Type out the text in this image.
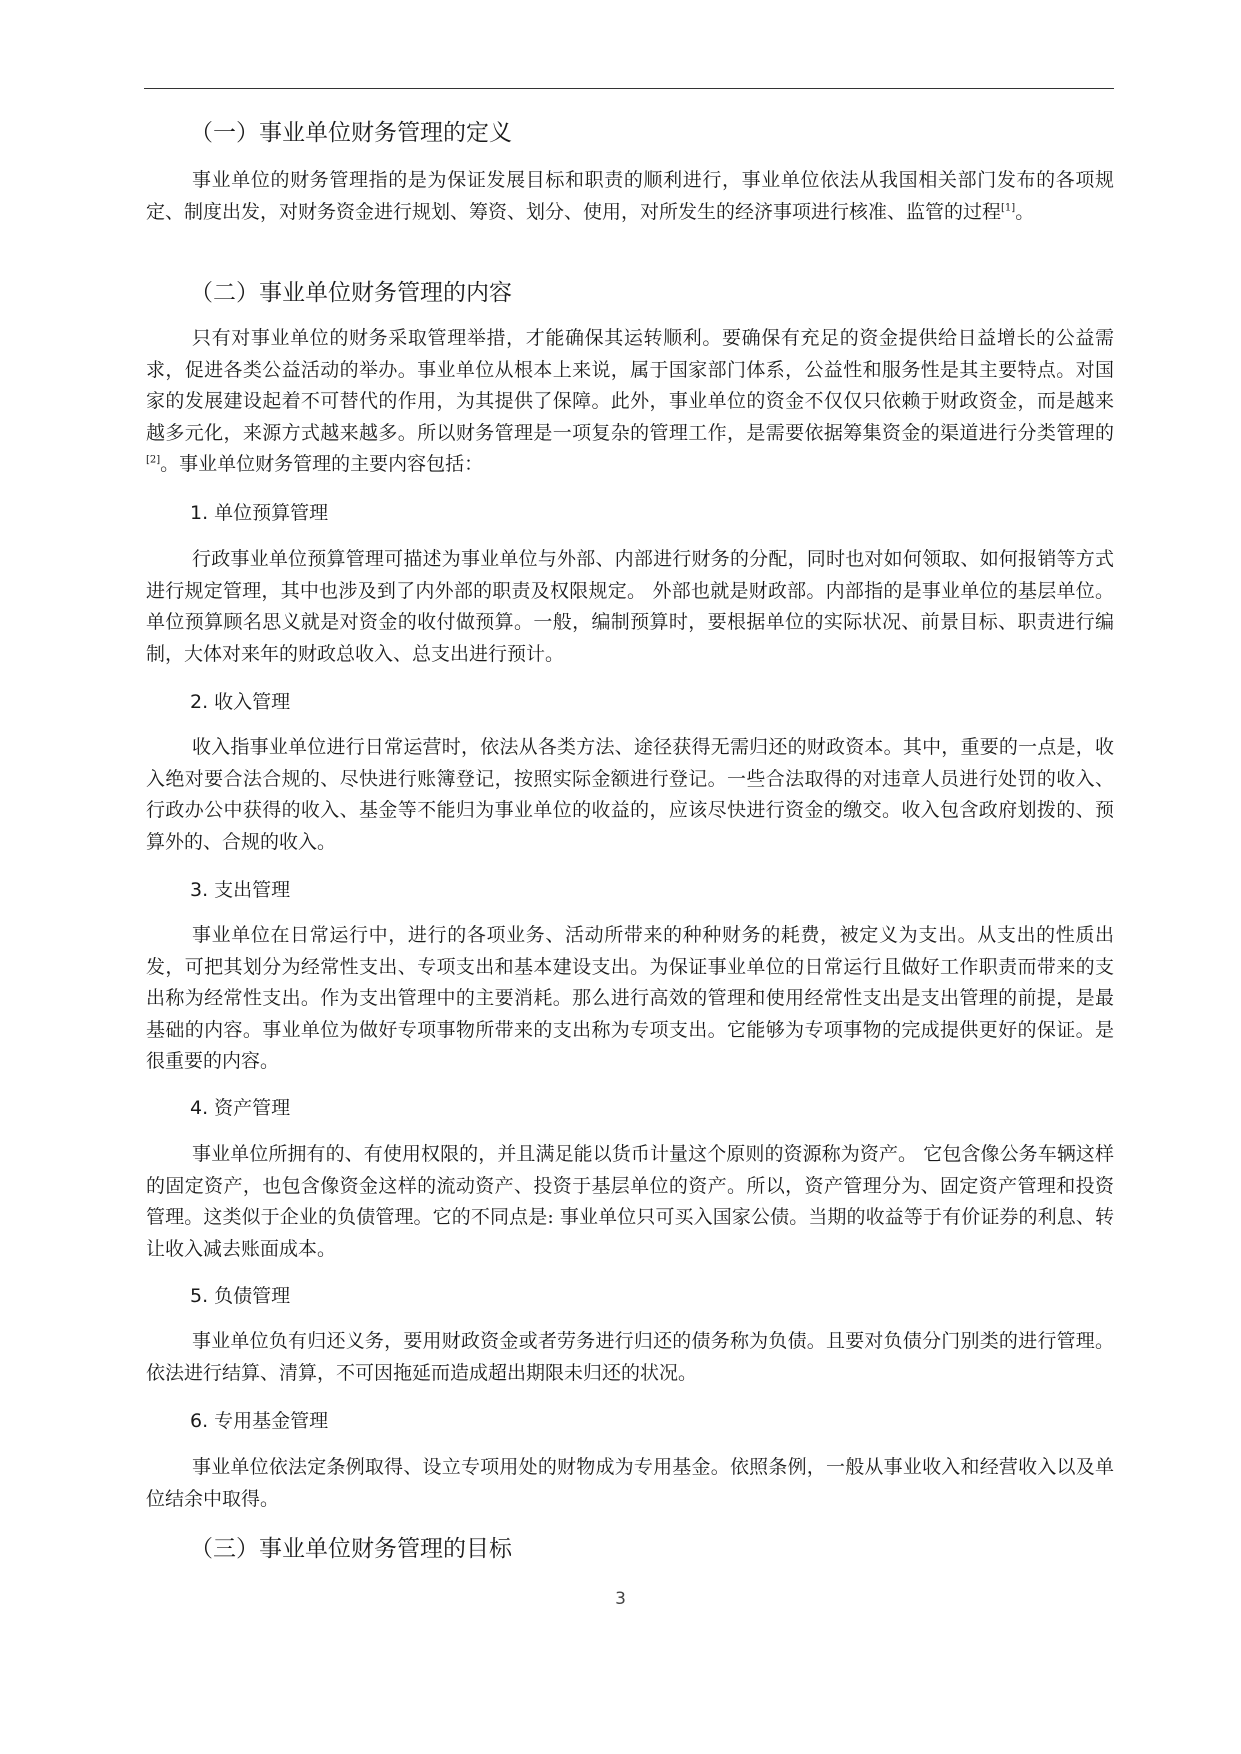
（一）事业单位财务管理的定义

事业单位的财务管理指的是为保证发展目标和职责的顺利进行，事业单位依法从我国相关部门发布的各项规定、制度出发，对财务资金进行规划、筹资、划分、使用，对所发生的经济事项进行核准、监管的过程[1]。

（二）事业单位财务管理的内容

只有对事业单位的财务采取管理举措，才能确保其运转顺利。要确保有充足的资金提供给日益增长的公益需求，促进各类公益活动的举办。事业单位从根本上来说，属于国家部门体系，公益性和服务性是其主要特点。对国家的发展建设起着不可替代的作用，为其提供了保障。此外，事业单位的资金不仅仅只依赖于财政资金，而是越来越多元化，来源方式越来越多。所以财务管理是一项复杂的管理工作，是需要依据筹集资金的渠道进行分类管理的[2]。事业单位财务管理的主要内容包括：

1. 单位预算管理

行政事业单位预算管理可描述为事业单位与外部、内部进行财务的分配，同时也对如何领取、如何报销等方式进行规定管理，其中也涉及到了内外部的职责及权限规定。 外部也就是财政部。内部指的是事业单位的基层单位。单位预算顾名思义就是对资金的收付做预算。一般，编制预算时，要根据单位的实际状况、前景目标、职责进行编制，大体对来年的财政总收入、总支出进行预计。

2. 收入管理

收入指事业单位进行日常运营时，依法从各类方法、途径获得无需归还的财政资本。其中，重要的一点是，收入绝对要合法合规的、尽快进行账簿登记，按照实际金额进行登记。一些合法取得的对违章人员进行处罚的收入、行政办公中获得的收入、基金等不能归为事业单位的收益的，应该尽快进行资金的缴交。收入包含政府划拨的、预算外的、合规的收入。

3. 支出管理

事业单位在日常运行中，进行的各项业务、活动所带来的种种财务的耗费，被定义为支出。从支出的性质出发，可把其划分为经常性支出、专项支出和基本建设支出。为保证事业单位的日常运行且做好工作职责而带来的支出称为经常性支出。作为支出管理中的主要消耗。那么进行高效的管理和使用经常性支出是支出管理的前提，是最基础的内容。事业单位为做好专项事物所带来的支出称为专项支出。它能够为专项事物的完成提供更好的保证。是很重要的内容。

4. 资产管理

事业单位所拥有的、有使用权限的，并且满足能以货币计量这个原则的资源称为资产。 它包含像公务车辆这样的固定资产，也包含像资金这样的流动资产、投资于基层单位的资产。所以，资产管理分为、固定资产管理和投资管理。这类似于企业的负债管理。它的不同点是: 事业单位只可买入国家公债。当期的收益等于有价证券的利息、转让收入减去账面成本。

5. 负债管理

事业单位负有归还义务，要用财政资金或者劳务进行归还的债务称为负债。且要对负债分门别类的进行管理。依法进行结算、清算，不可因拖延而造成超出期限未归还的状况。

6. 专用基金管理

事业单位依法定条例取得、设立专项用处的财物成为专用基金。依照条例，一般从事业收入和经营收入以及单位结余中取得。

（三）事业单位财务管理的目标

3
